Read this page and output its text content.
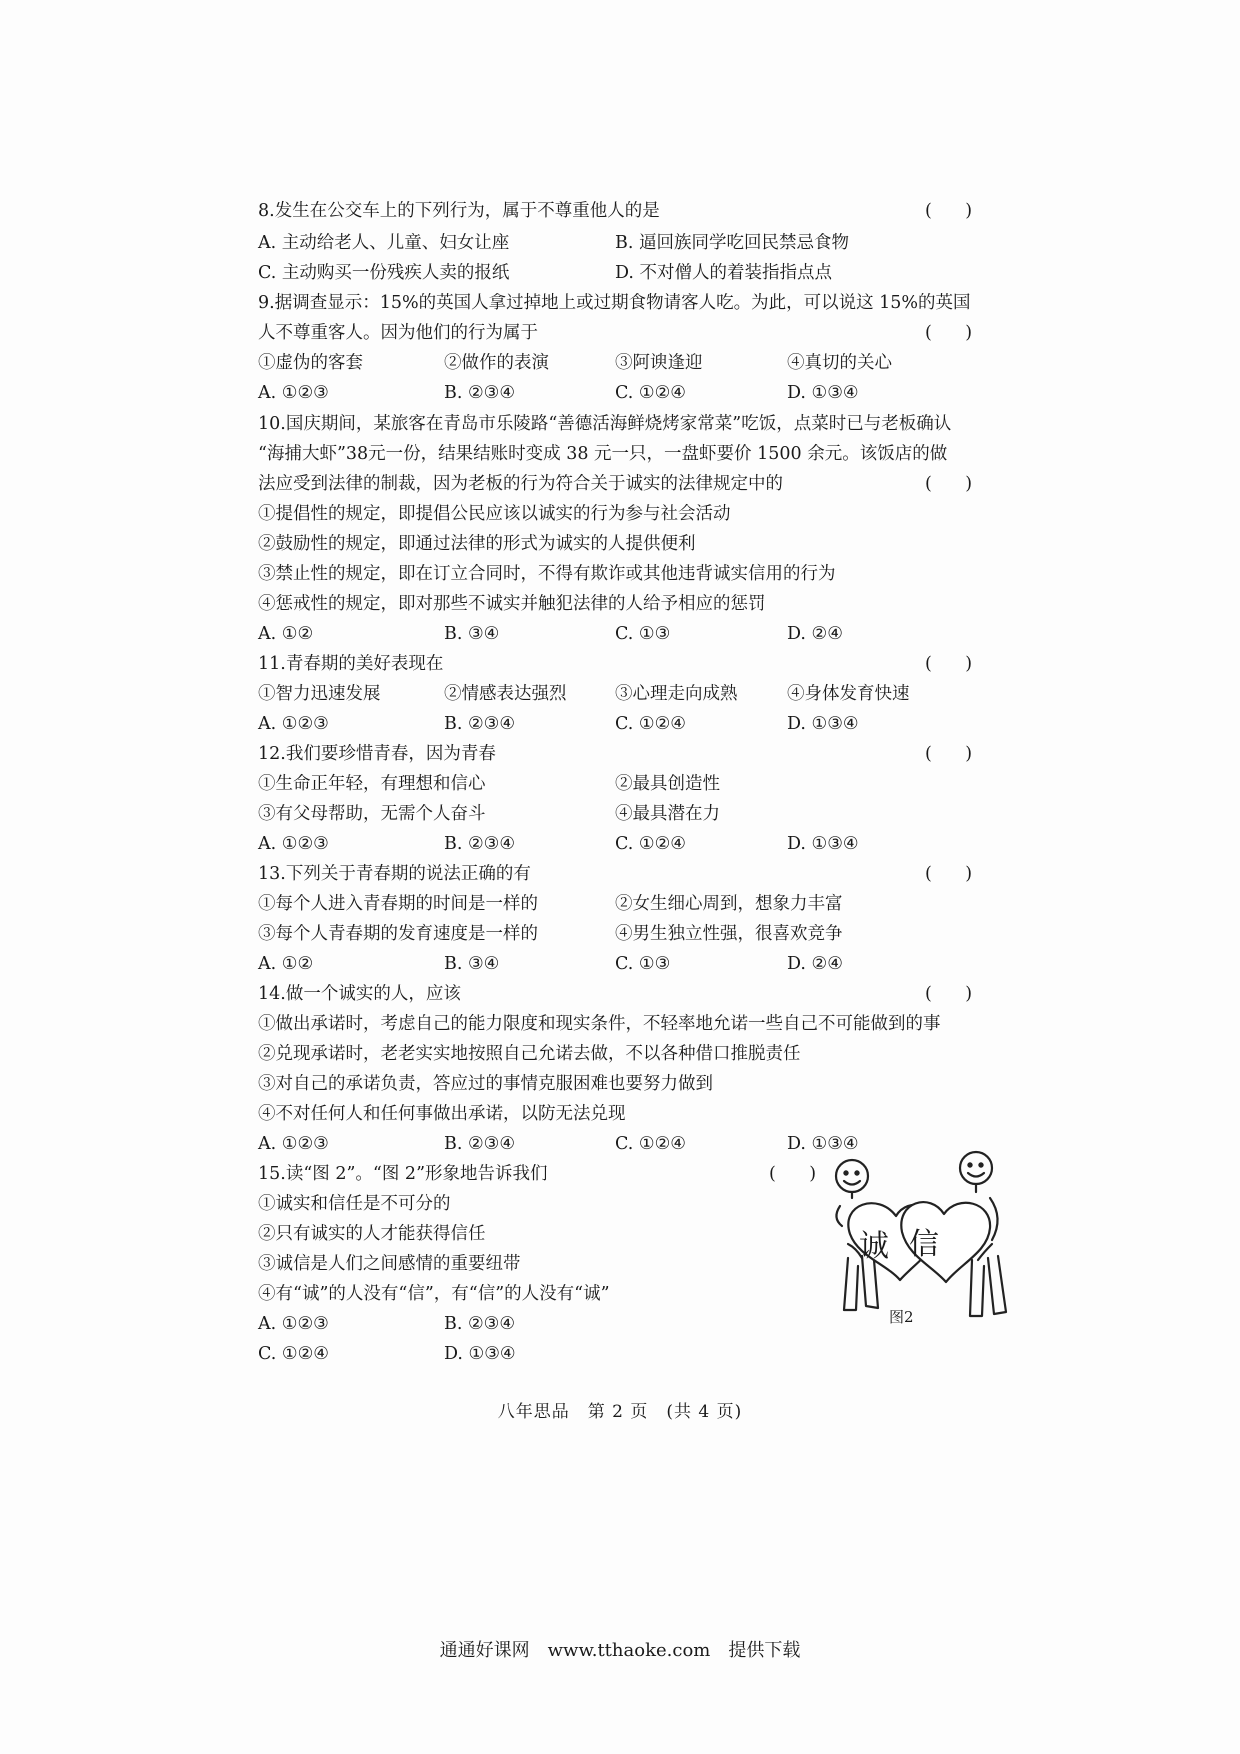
8.发生在公交车上的下列行为，属于不尊重他人的是	(      )
A. 主动给老人、儿童、妇女让座	B. 逼回族同学吃回民禁忌食物
C. 主动购买一份残疾人卖的报纸	D. 不对僧人的着装指指点点
9.据调查显示：15%的英国人拿过掉地上或过期食物请客人吃。为此，可以说这 15%的英国
人不尊重客人。因为他们的行为属于	(      )
①虚伪的客套	②做作的表演	③阿谀逢迎	④真切的关心
A. ①②③	B. ②③④	C. ①②④	D. ①③④
10.国庆期间，某旅客在青岛市乐陵路“善德活海鲜烧烤家常菜”吃饭，点菜时已与老板确认
“海捕大虾”38元一份，结果结账时变成 38 元一只，一盘虾要价 1500 余元。该饭店的做
法应受到法律的制裁，因为老板的行为符合关于诚实的法律规定中的	(      )
①提倡性的规定，即提倡公民应该以诚实的行为参与社会活动
②鼓励性的规定，即通过法律的形式为诚实的人提供便利
③禁止性的规定，即在订立合同时，不得有欺诈或其他违背诚实信用的行为
④惩戒性的规定，即对那些不诚实并触犯法律的人给予相应的惩罚
A. ①②	B. ③④	C. ①③	D. ②④
11.青春期的美好表现在	(      )
①智力迅速发展	②情感表达强烈	③心理走向成熟	④身体发育快速
A. ①②③	B. ②③④	C. ①②④	D. ①③④
12.我们要珍惜青春，因为青春	(      )
①生命正年轻，有理想和信心	②最具创造性
③有父母帮助，无需个人奋斗	④最具潜在力
A. ①②③	B. ②③④	C. ①②④	D. ①③④
13.下列关于青春期的说法正确的有	(      )
①每个人进入青春期的时间是一样的	②女生细心周到，想象力丰富
③每个人青春期的发育速度是一样的	④男生独立性强，很喜欢竞争
A. ①②	B. ③④	C. ①③	D. ②④
14.做一个诚实的人，应该	(      )
①做出承诺时，考虑自己的能力限度和现实条件，不轻率地允诺一些自己不可能做到的事
②兑现承诺时，老老实实地按照自己允诺去做，不以各种借口推脱责任
③对自己的承诺负责，答应过的事情克服困难也要努力做到
④不对任何人和任何事做出承诺，以防无法兑现
A. ①②③	B. ②③④	C. ①②④	D. ①③④
15.读“图 2”。“图 2”形象地告诉我们	(      )
①诚实和信任是不可分的
②只有诚实的人才能获得信任
③诚信是人们之间感情的重要纽带
④有“诚”的人没有“信”，有“信”的人没有“诚”
A. ①②③	B. ②③④
C. ①②④	D. ①③④
诚 信
图2
八年思品　第 2 页　(共 4 页)
通通好课网　www.tthaoke.com　提供下载
